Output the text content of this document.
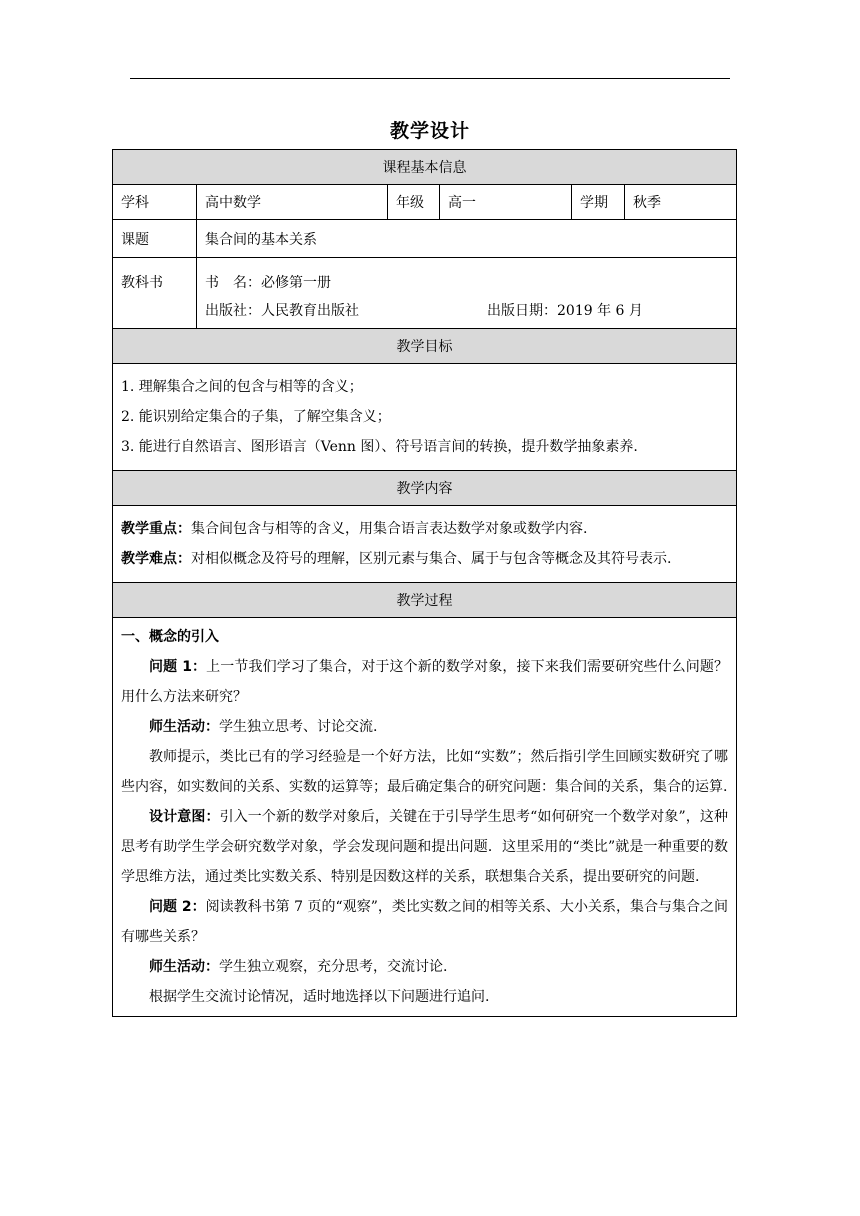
教学设计
课程基本信息
学科	高中数学	年级	高一	学期	秋季
课题	集合间的基本关系
教科书	书　名：必修第一册
出版社：人民教育出版社	出版日期：2019 年 6 月
教学目标
1. 理解集合之间的包含与相等的含义；
2. 能识别给定集合的子集，了解空集含义；
3. 能进行自然语言、图形语言（Venn 图）、符号语言间的转换，提升数学抽象素养.
教学内容
教学重点：集合间包含与相等的含义，用集合语言表达数学对象或数学内容.
教学难点：对相似概念及符号的理解，区别元素与集合、属于与包含等概念及其符号表示.
教学过程
一、概念的引入
问题 1：上一节我们学习了集合，对于这个新的数学对象，接下来我们需要研究些什么问题？用什么方法来研究？
师生活动：学生独立思考、讨论交流.
教师提示，类比已有的学习经验是一个好方法，比如“实数”；然后指引学生回顾实数研究了哪些内容，如实数间的关系、实数的运算等；最后确定集合的研究问题：集合间的关系，集合的运算.
设计意图：引入一个新的数学对象后，关键在于引导学生思考“如何研究一个数学对象”，这种思考有助学生学会研究数学对象，学会发现问题和提出问题．这里采用的“类比”就是一种重要的数学思维方法，通过类比实数关系、特别是因数这样的关系，联想集合关系，提出要研究的问题.
问题 2：阅读教科书第 7 页的“观察”，类比实数之间的相等关系、大小关系，集合与集合之间有哪些关系？
师生活动：学生独立观察，充分思考，交流讨论.
根据学生交流讨论情况，适时地选择以下问题进行追问.
